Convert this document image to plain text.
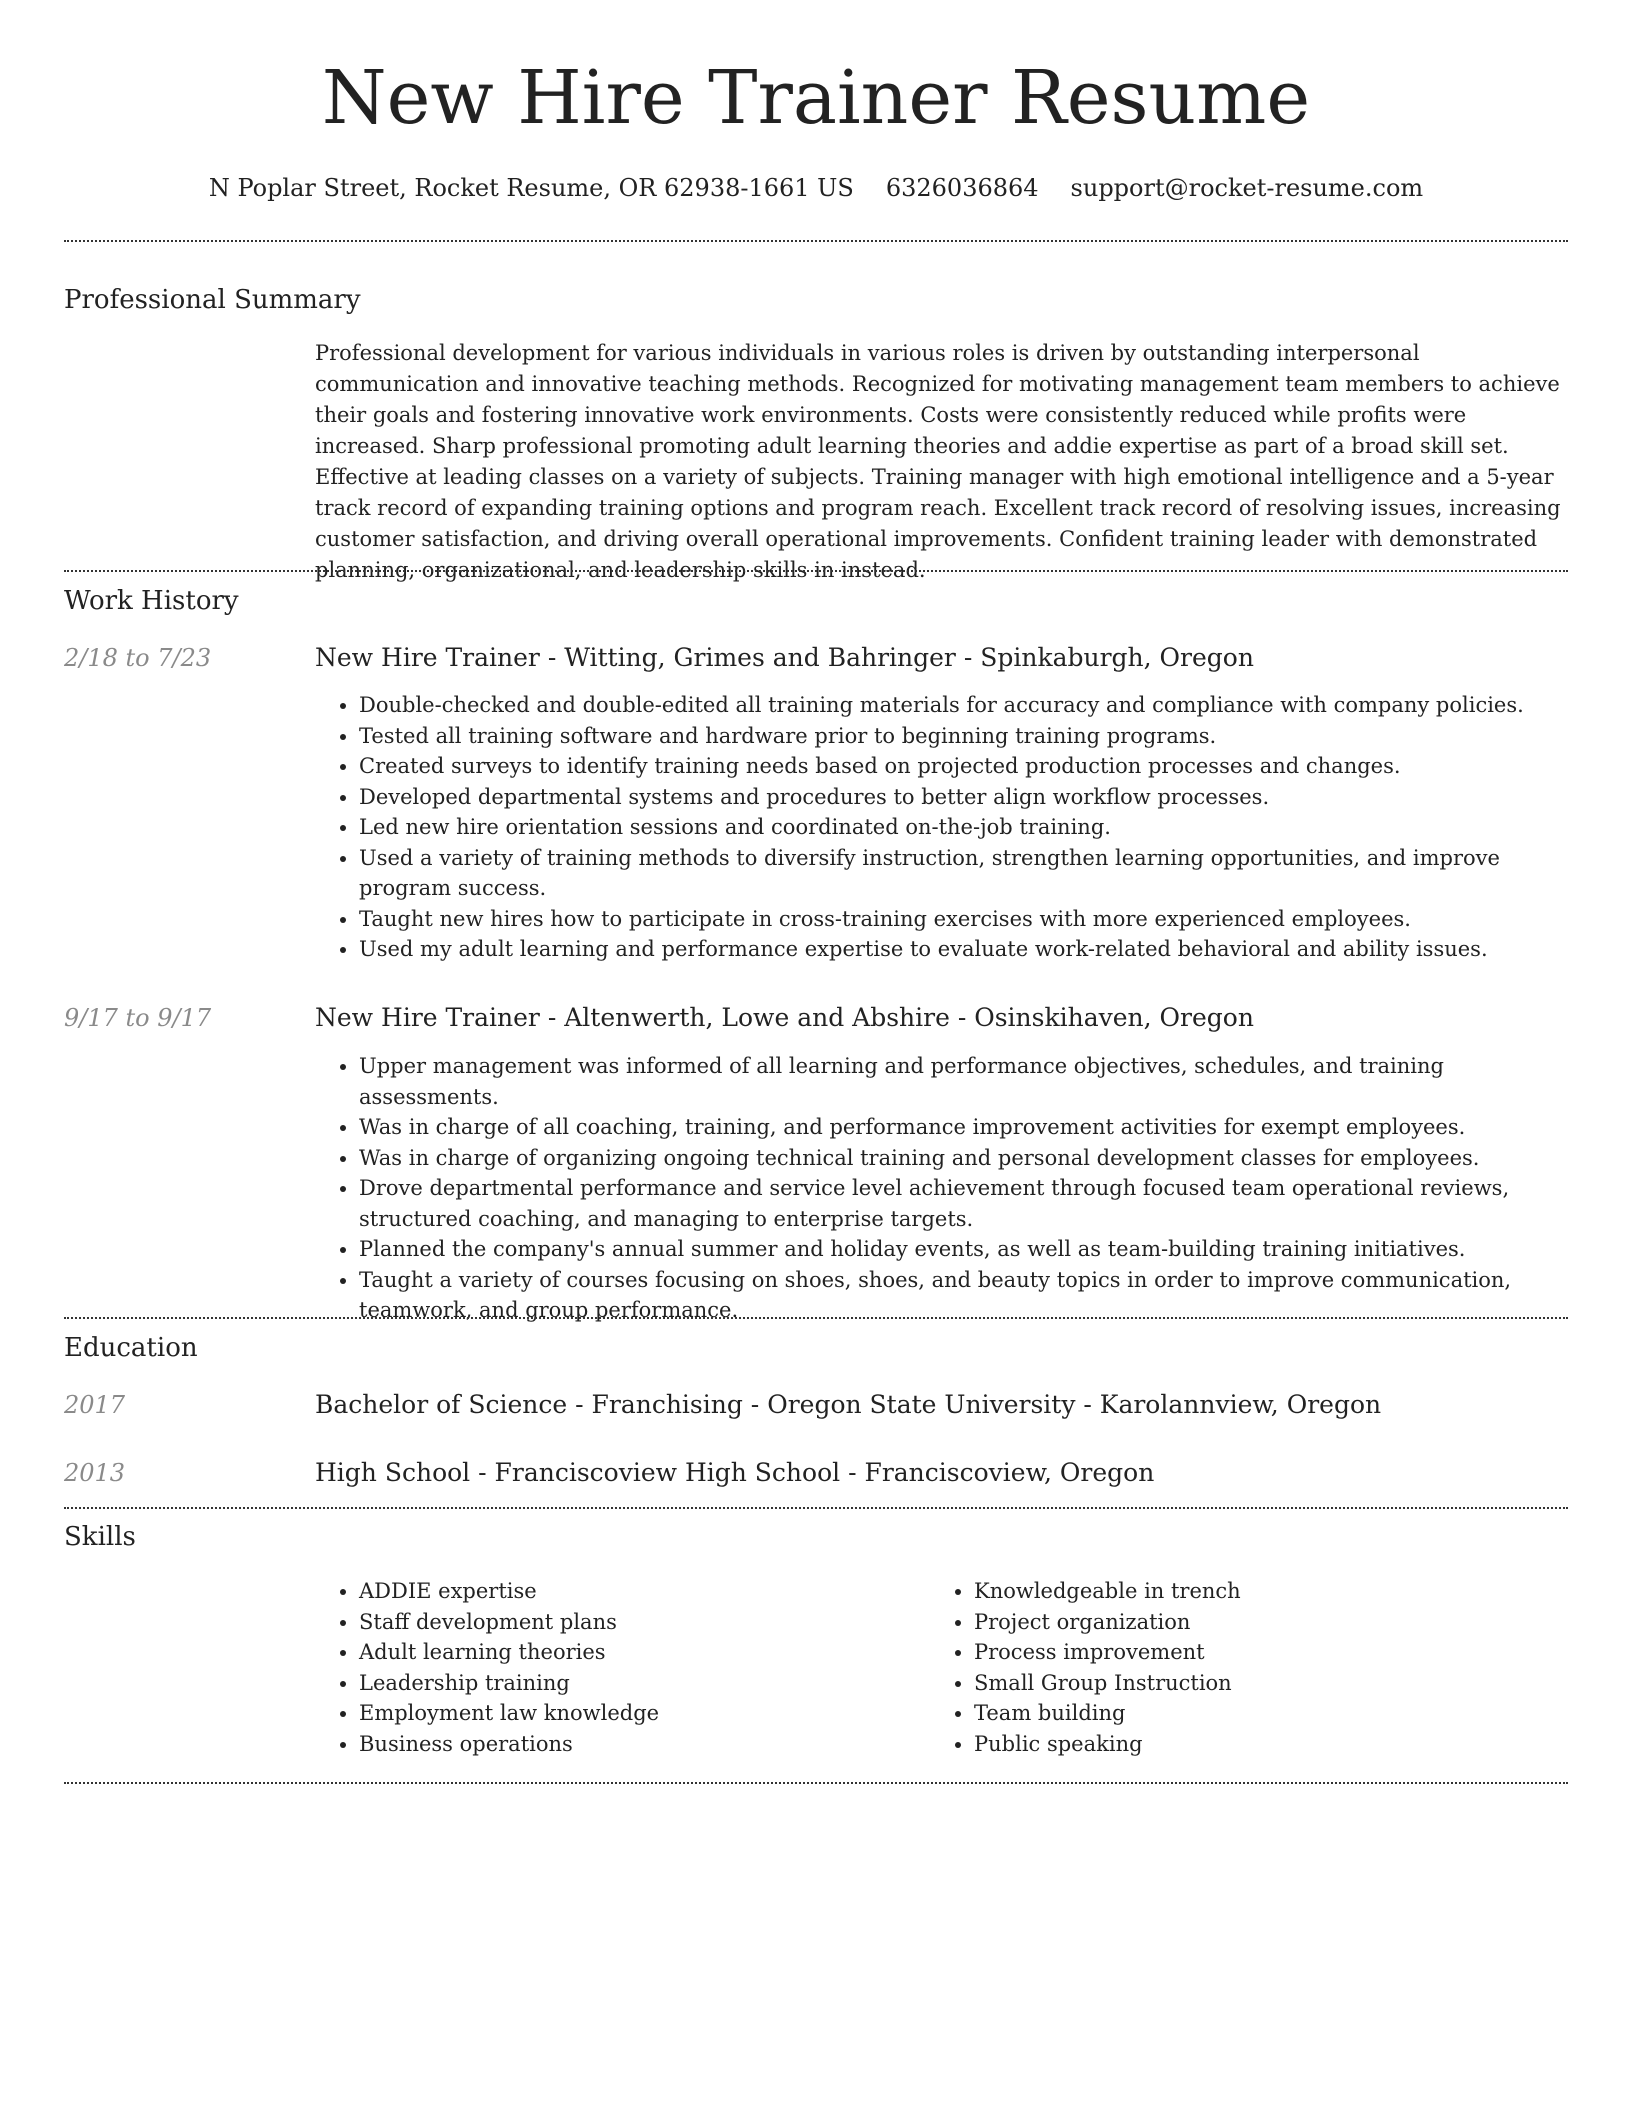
New Hire Trainer Resume
N Poplar Street, Rocket Resume, OR 62938-1661 US 6326036864 support@rocket-resume.com
Professional Summary

Professional development for various individuals in various roles is driven by outstanding interpersonal communication and innovative teaching methods. Recognized for motivating management team members to achieve their goals and fostering innovative work environments. Costs were consistently reduced while profits were increased. Sharp professional promoting adult learning theories and addie expertise as part of a broad skill set. Effective at leading classes on a variety of subjects. Training manager with high emotional intelligence and a 5-year track record of expanding training options and program reach. Excellent track record of resolving issues, increasing customer satisfaction, and driving overall operational improvements. Confident training leader with demonstrated planning, organizational, and leadership skills in instead.

Work History
2/18 to 7/23	New Hire Trainer - Witting, Grimes and Bahringer - Spinkaburgh, Oregon
• Double-checked and double-edited all training materials for accuracy and compliance with company policies.
• Tested all training software and hardware prior to beginning training programs.
• Created surveys to identify training needs based on projected production processes and changes.
• Developed departmental systems and procedures to better align workflow processes.
• Led new hire orientation sessions and coordinated on-the-job training.
• Used a variety of training methods to diversify instruction, strengthen learning opportunities, and improve program success.
• Taught new hires how to participate in cross-training exercises with more experienced employees.
• Used my adult learning and performance expertise to evaluate work-related behavioral and ability issues.
9/17 to 9/17	New Hire Trainer - Altenwerth, Lowe and Abshire - Osinskihaven, Oregon
• Upper management was informed of all learning and performance objectives, schedules, and training assessments.
• Was in charge of all coaching, training, and performance improvement activities for exempt employees.
• Was in charge of organizing ongoing technical training and personal development classes for employees.
• Drove departmental performance and service level achievement through focused team operational reviews, structured coaching, and managing to enterprise targets.
• Planned the company's annual summer and holiday events, as well as team-building training initiatives.
• Taught a variety of courses focusing on shoes, shoes, and beauty topics in order to improve communication, teamwork, and group performance.
Education
2017	Bachelor of Science - Franchising - Oregon State University - Karolannview, Oregon
2013	High School - Franciscoview High School - Franciscoview, Oregon
Skills
• ADDIE expertise
• Staff development plans
• Adult learning theories
• Leadership training
• Employment law knowledge
• Business operations
• Knowledgeable in trench
• Project organization
• Process improvement
• Small Group Instruction
• Team building
• Public speaking
